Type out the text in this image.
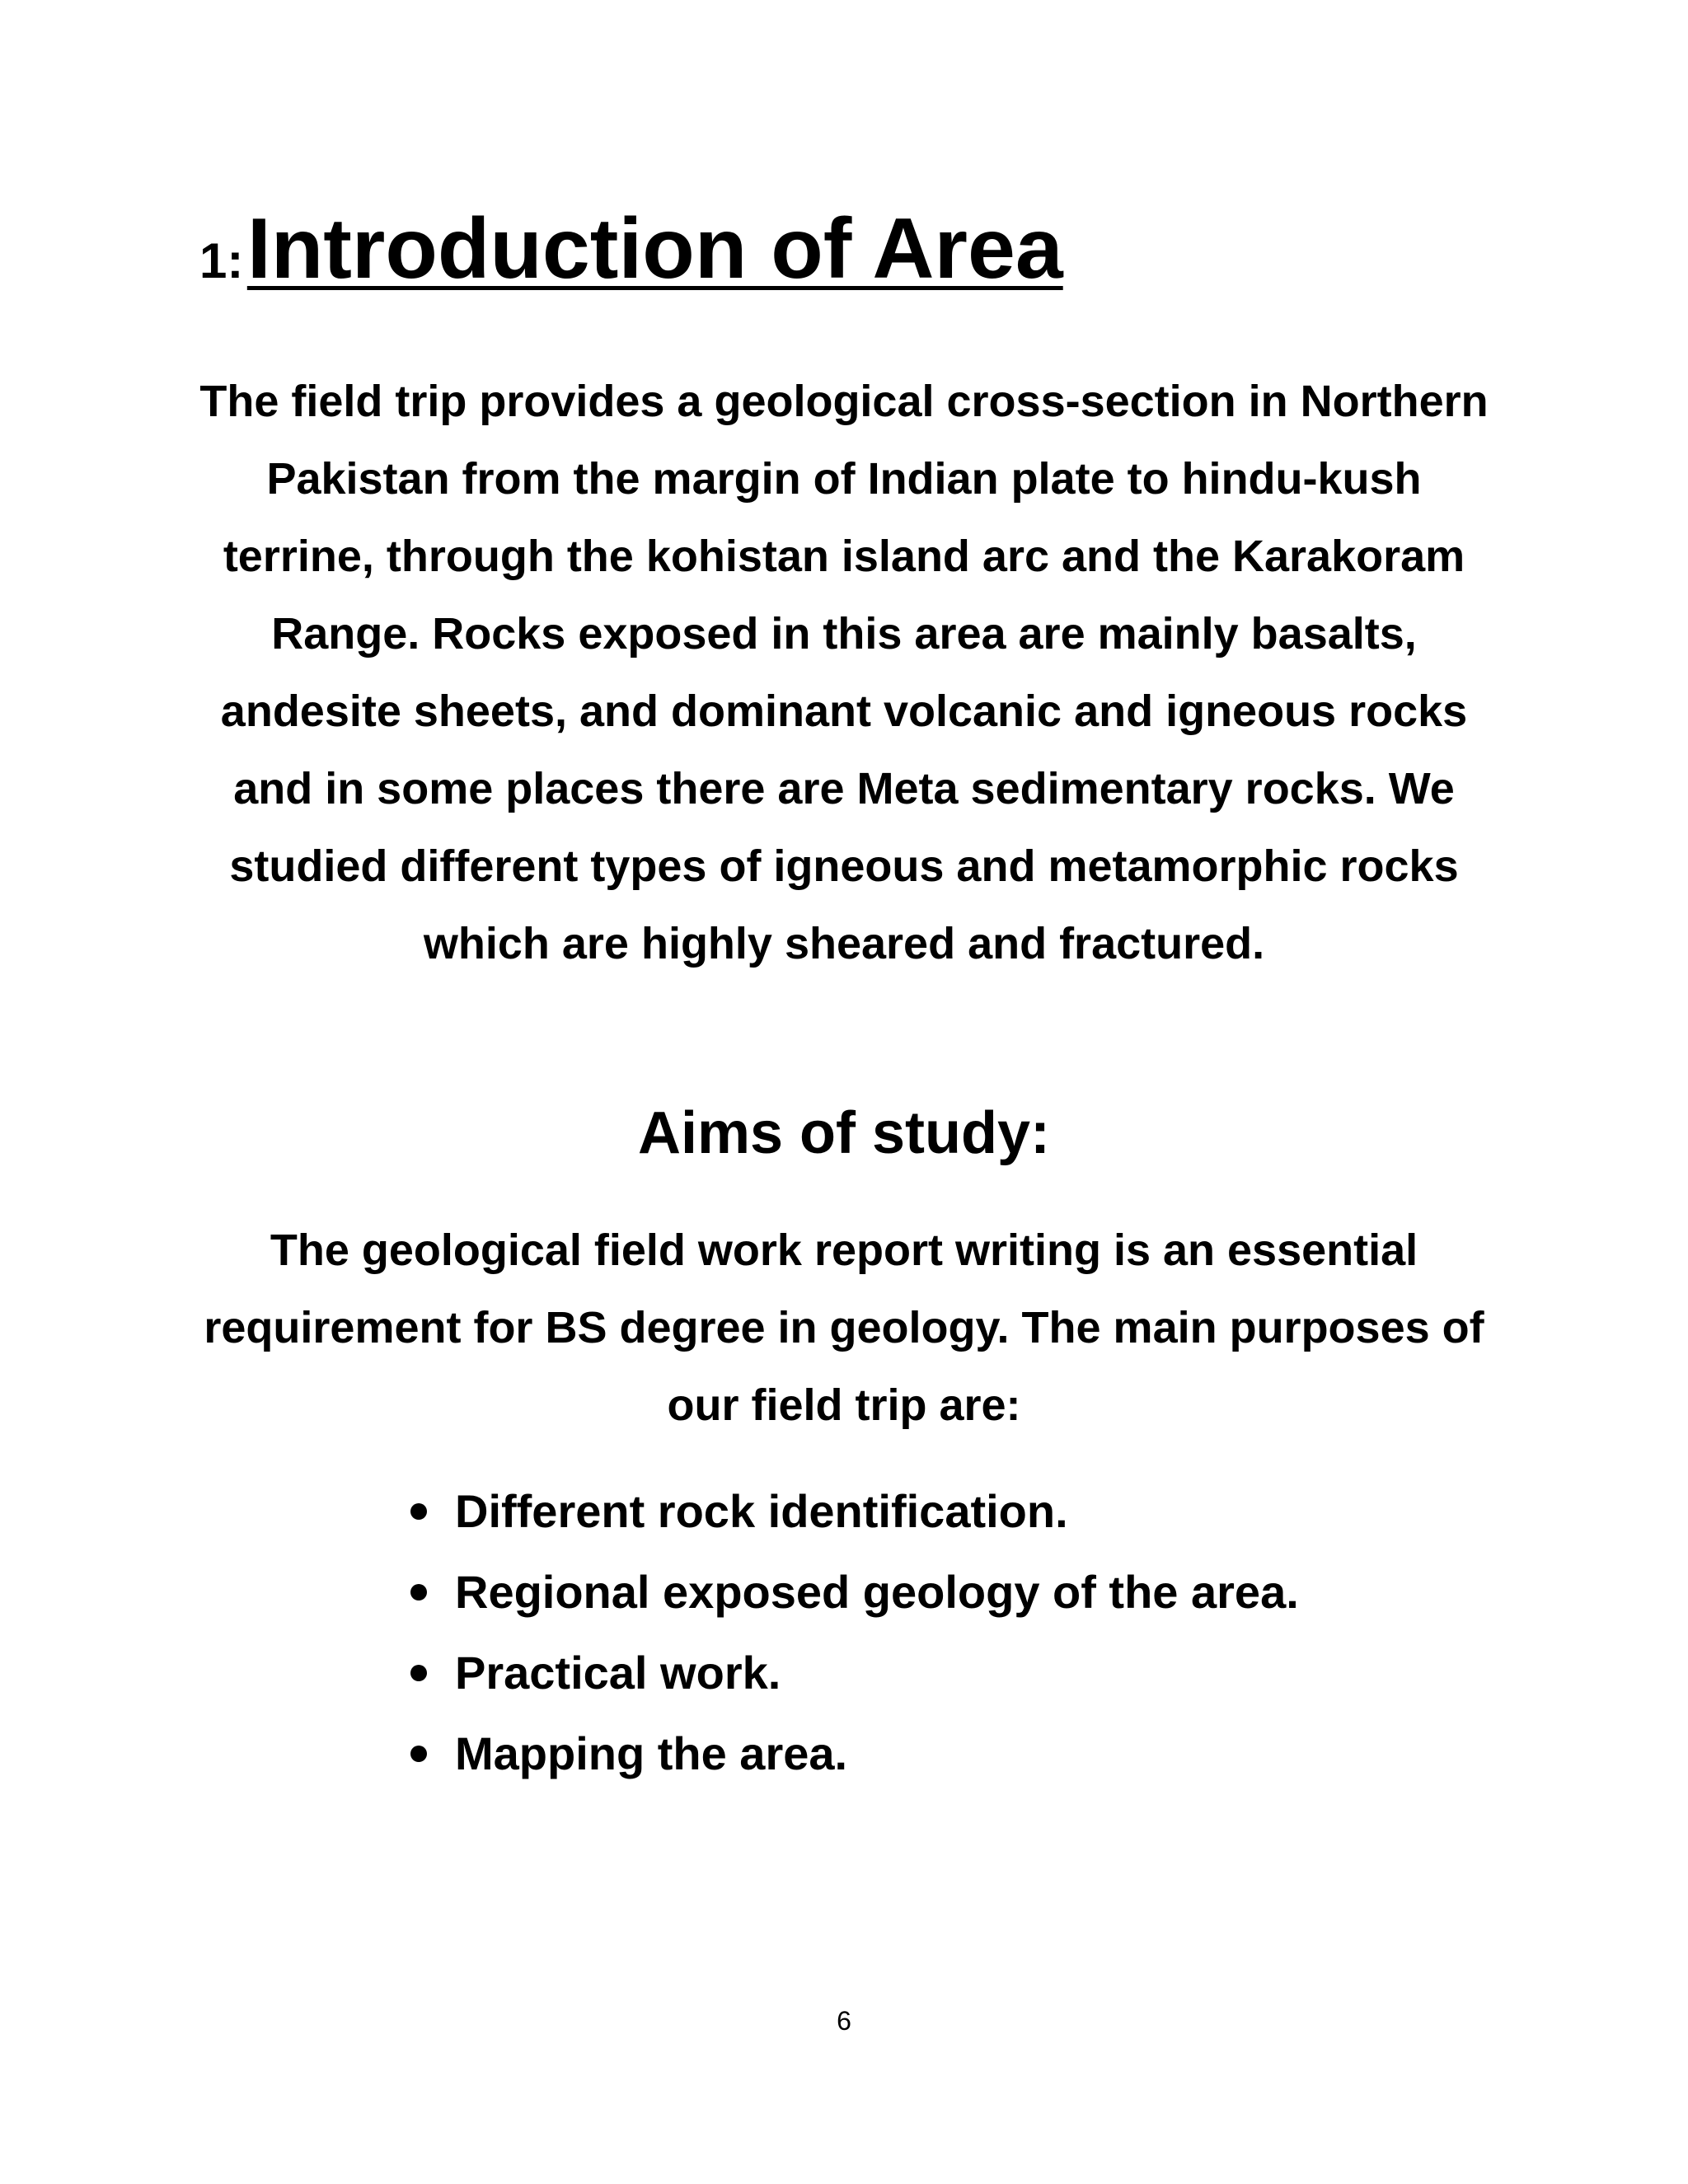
1: Introduction of Area

The field trip provides a geological cross-section in Northern Pakistan from the margin of Indian plate to hindu-kush terrine, through the kohistan island arc and the Karakoram Range. Rocks exposed in this area are mainly basalts, andesite sheets, and dominant volcanic and igneous rocks and in some places there are Meta sedimentary rocks. We studied different types of igneous and metamorphic rocks which are highly sheared and fractured.

Aims of study:

The geological field work report writing is an essential requirement for BS degree in geology. The main purposes of our field trip are:

Different rock identification.
Regional exposed geology of the area.
Practical work.
Mapping the area.
6
